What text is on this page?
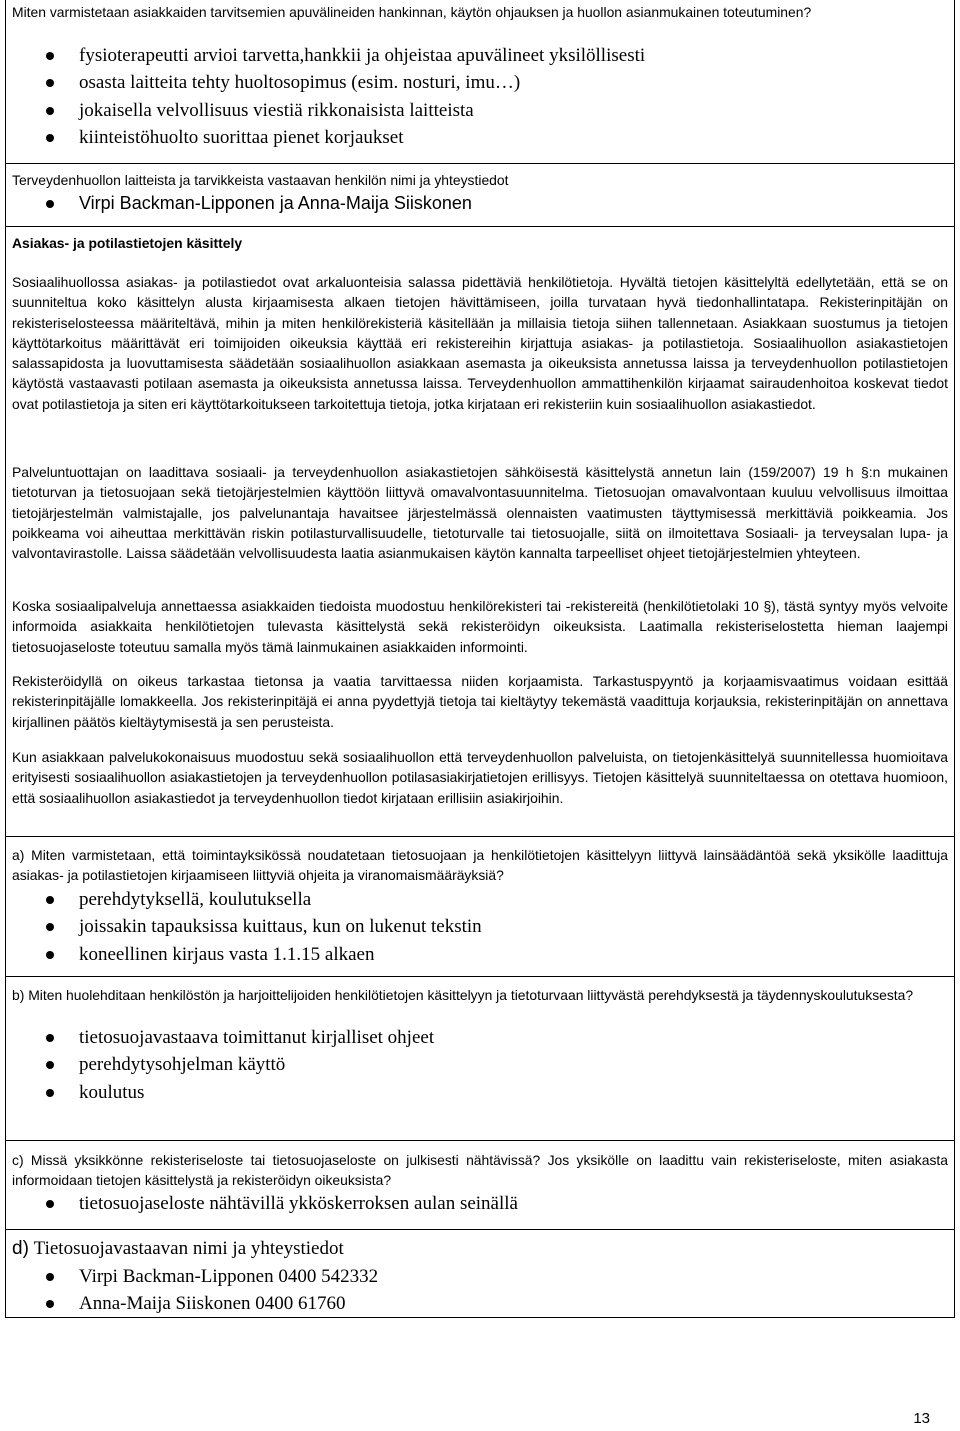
Miten varmistetaan asiakkaiden tarvitsemien apuvälineiden hankinnan, käytön ohjauksen ja huollon asianmukainen toteutuminen?

fysioterapeutti arvioi tarvetta,hankkii ja ohjeistaa apuvälineet yksilöllisesti
osasta laitteita tehty huoltosopimus (esim. nosturi, imu…)
jokaisella velvollisuus viestiä rikkonaisista laitteista
kiinteistöhuolto suorittaa pienet korjaukset

Terveydenhuollon laitteista ja tarvikkeista vastaavan henkilön nimi ja yhteystiedot

Virpi Backman-Lipponen ja Anna-Maija Siiskonen

Asiakas- ja potilastietojen käsittely

Sosiaalihuollossa asiakas- ja potilastiedot ovat arkaluonteisia salassa pidettäviä henkilötietoja. Hyvältä tietojen käsittelyltä edellytetään, että se on suunniteltua koko käsittelyn alusta kirjaamisesta alkaen tietojen hävittämiseen, joilla turvataan hyvä tiedonhallintatapa. Rekisterinpitäjän on rekisteriselosteessa määriteltävä, mihin ja miten henkilörekisteriä käsitellään ja millaisia tietoja siihen tallennetaan. Asiakkaan suostumus ja tietojen käyttötarkoitus määrittävät eri toimijoiden oikeuksia käyttää eri rekistereihin kirjattuja asiakas- ja potilastietoja. Sosiaalihuollon asiakastietojen salassapidosta ja luovuttamisesta säädetään sosiaalihuollon asiakkaan asemasta ja oikeuksista annetussa laissa ja terveydenhuollon potilastietojen käytöstä vastaavasti potilaan asemasta ja oikeuksista annetussa laissa. Terveydenhuollon ammattihenkilön kirjaamat sairaudenhoitoa koskevat tiedot ovat potilastietoja ja siten eri käyttötarkoitukseen tarkoitettuja tietoja, jotka kirjataan eri rekisteriin kuin sosiaalihuollon asiakastiedot.

Palveluntuottajan on laadittava sosiaali- ja terveydenhuollon asiakastietojen sähköisestä käsittelystä annetun lain (159/2007) 19 h §:n mukainen tietoturvan ja tietosuojaan sekä tietojärjestelmien käyttöön liittyvä omavalvontasuunnitelma. Tietosuojan omavalvontaan kuuluu velvollisuus ilmoittaa tietojärjestelmän valmistajalle, jos palvelunantaja havaitsee järjestelmässä olennaisten vaatimusten täyttymisessä merkittäviä poikkeamia. Jos poikkeama voi aiheuttaa merkittävän riskin potilasturvallisuudelle, tietoturvalle tai tietosuojalle, siitä on ilmoitettava Sosiaali- ja terveysalan lupa- ja valvontavirastolle. Laissa säädetään velvollisuudesta laatia asianmukaisen käytön kannalta tarpeelliset ohjeet tietojärjestelmien yhteyteen.

Koska sosiaalipalveluja annettaessa asiakkaiden tiedoista muodostuu henkilörekisteri tai -rekistereitä (henkilötietolaki 10 §), tästä syntyy myös velvoite informoida asiakkaita henkilötietojen tulevasta käsittelystä sekä rekisteröidyn oikeuksista. Laatimalla rekisteriselostetta hieman laajempi tietosuojaseloste toteutuu samalla myös tämä lainmukainen asiakkaiden informointi.

Rekisteröidyllä on oikeus tarkastaa tietonsa ja vaatia tarvittaessa niiden korjaamista. Tarkastuspyyntö ja korjaamisvaatimus voidaan esittää rekisterinpitäjälle lomakkeella. Jos rekisterinpitäjä ei anna pyydettyjä tietoja tai kieltäytyy tekemästä vaadittuja korjauksia, rekisterinpitäjän on annettava kirjallinen päätös kieltäytymisestä ja sen perusteista.

Kun asiakkaan palvelukokonaisuus muodostuu sekä sosiaalihuollon että terveydenhuollon palveluista, on tietojenkäsittelyä suunnitellessa huomioitava erityisesti sosiaalihuollon asiakastietojen ja terveydenhuollon potilasasiakirjatietojen erillisyys. Tietojen käsittelyä suunniteltaessa on otettava huomioon, että sosiaalihuollon asiakastiedot ja terveydenhuollon tiedot kirjataan erillisiin asiakirjoihin.

a) Miten varmistetaan, että toimintayksikössä noudatetaan tietosuojaan ja henkilötietojen käsittelyyn liittyvä lainsäädäntöä sekä yksikölle laadittuja asiakas- ja potilastietojen kirjaamiseen liittyviä ohjeita ja viranomaismääräyksiä?

perehdytyksellä, koulutuksella
joissakin tapauksissa kuittaus, kun on lukenut tekstin
koneellinen kirjaus vasta 1.1.15 alkaen

b) Miten huolehditaan henkilöstön ja harjoittelijoiden henkilötietojen käsittelyyn ja tietoturvaan liittyvästä perehdyksestä ja täydennyskoulutuksesta?

tietosuojavastaava toimittanut kirjalliset ohjeet
perehdytysohjelman käyttö
koulutus

c) Missä yksikkönne rekisteriseloste tai tietosuojaseloste on julkisesti nähtävissä? Jos yksikölle on laadittu vain rekisteriseloste, miten asiakasta informoidaan tietojen käsittelystä ja rekisteröidyn oikeuksista?

tietosuojaseloste nähtävillä ykköskerroksen aulan seinällä
d) Tietosuojavastaavan nimi ja yhteystiedot
Virpi Backman-Lipponen 0400 542332
Anna-Maija Siiskonen 0400 61760
13
